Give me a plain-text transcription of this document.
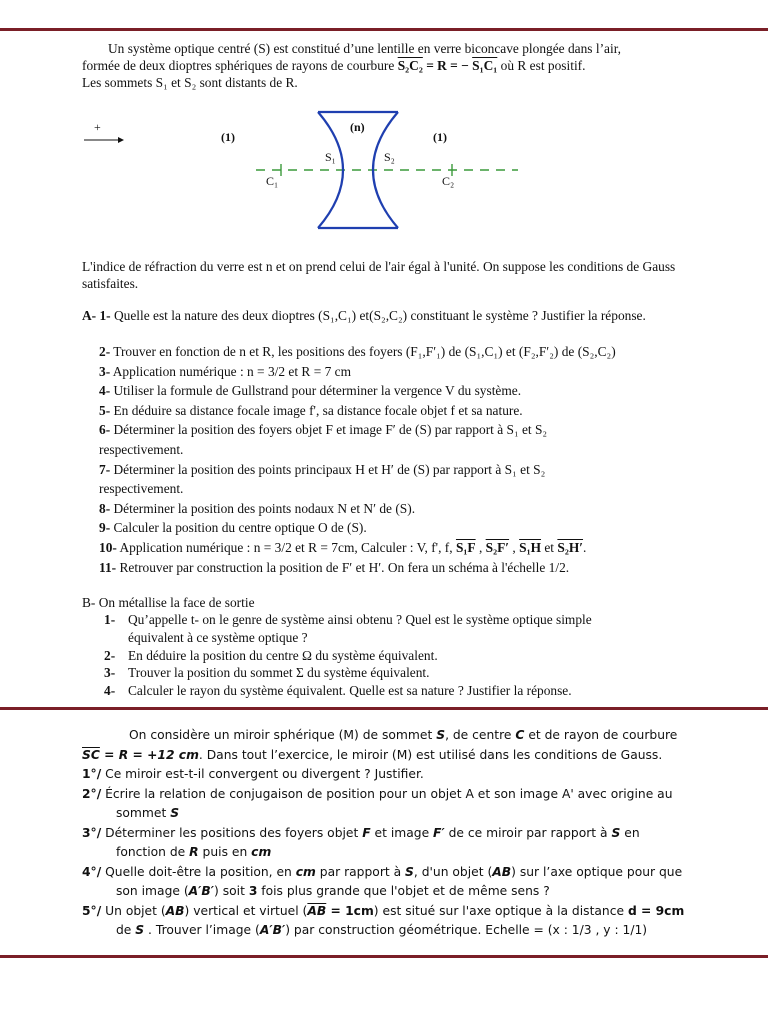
Un système optique centré (S) est constitué d’une lentille en verre biconcave plongée dans l’air,
formée de deux dioptres sphériques de rayons de courbure S₂C₂ = R = − S₁C₁ où R est positif.
Les sommets S₁ et S₂ sont distants de R.
+
(1)
(n)
(1)
S₁	S₂
C₁	C₂
L'indice de réfraction du verre est n et on prend celui de l'air égal à l'unité. On suppose les conditions de Gauss satisfaites.
A- 1- Quelle est la nature des deux dioptres (S₁,C₁) et(S₂,C₂) constituant le système ? Justifier la réponse.
2- Trouver en fonction de n et R, les positions des foyers (F₁,F′₁) de (S₁,C₁) et (F₂,F′₂) de (S₂,C₂)
3- Application numérique : n = 3/2 et R = 7 cm
4- Utiliser la formule de Gullstrand pour déterminer la vergence V du système.
5- En déduire sa distance focale image f', sa distance focale objet f et sa nature.
6- Déterminer la position des foyers objet F et image F′ de (S) par rapport à S₁ et S₂
respectivement.
7- Déterminer la position des points principaux H et H′ de (S) par rapport à S₁ et S₂
respectivement.
8- Déterminer la position des points nodaux N et N′ de (S).
9- Calculer la position du centre optique O de (S).
10- Application numérique : n = 3/2 et R = 7cm, Calculer : V, f', f, S₁F , S₂F′ , S₁H et S₂H′.
11- Retrouver par construction la position de F′ et H′. On fera un schéma à l'échelle 1/2.
B- On métallise la face de sortie
1- Qu’appelle t- on le genre de système ainsi obtenu ? Quel est le système optique simple
équivalent à ce système optique ?
2- En déduire la position du centre Ω du système équivalent.
3- Trouver la position du sommet Σ du système équivalent.
4- Calculer le rayon du système équivalent. Quelle est sa nature ? Justifier la réponse.
On considère un miroir sphérique (M) de sommet S, de centre C et de rayon de courbure
$\overline{SC} = R = +12$ cm. Dans tout l’exercice, le miroir (M) est utilisé dans les conditions de Gauss.
1°/ Ce miroir est-t-il convergent ou divergent ? Justifier.
2°/ Écrire la relation de conjugaison de position pour un objet A et son image A' avec origine au
sommet S
3°/ Déterminer les positions des foyers objet F et image F′ de ce miroir par rapport à S en
fonction de R puis en cm
4°/ Quelle doit-être la position, en cm par rapport à S, d'un objet (AB) sur l’axe optique pour que
son image (A′B′) soit 3 fois plus grande que l'objet et de même sens ?
5°/ Un objet (AB) vertical et virtuel $(\overline{AB} = 1cm)$ est situé sur l'axe optique à la distance d = 9cm
de S . Trouver l’image (A′B′) par construction géométrique. Echelle = (x : 1/3 , y : 1/1)
